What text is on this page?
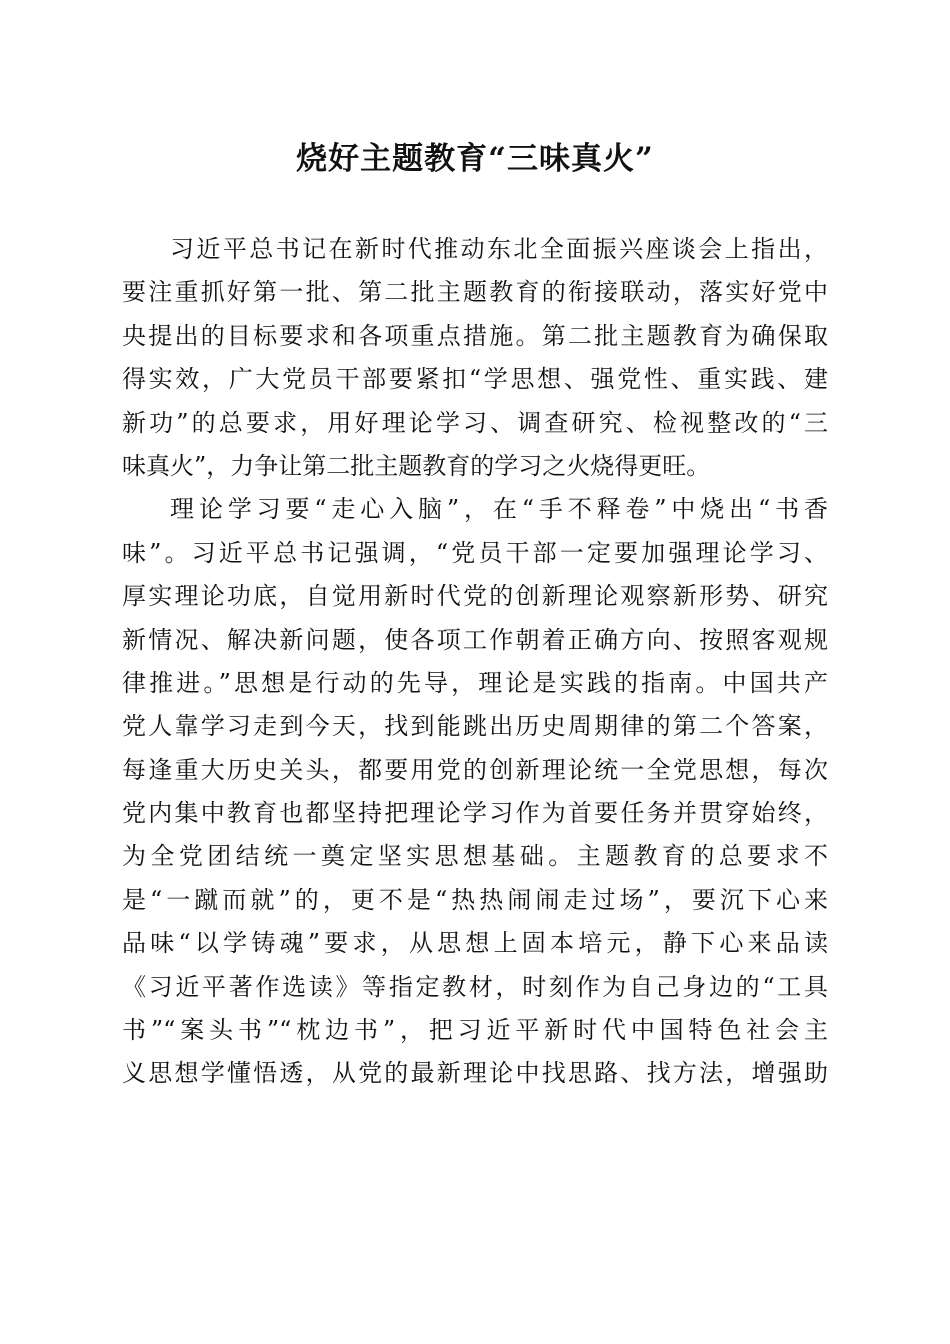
烧好主题教育“三味真火”
习近平总书记在新时代推动东北全面振兴座谈会上指出，
要注重抓好第一批、第二批主题教育的衔接联动，落实好党中
央提出的目标要求和各项重点措施。第二批主题教育为确保取
得实效，广大党员干部要紧扣“学思想、强党性、重实践、建
新功”的总要求，用好理论学习、调查研究、检视整改的“三
味真火”，力争让第二批主题教育的学习之火烧得更旺。
理论学习要“走心入脑”，在“手不释卷”中烧出“书香
味”。习近平总书记强调，“党员干部一定要加强理论学习、
厚实理论功底，自觉用新时代党的创新理论观察新形势、研究
新情况、解决新问题，使各项工作朝着正确方向、按照客观规
律推进。”思想是行动的先导，理论是实践的指南。中国共产
党人靠学习走到今天，找到能跳出历史周期律的第二个答案，
每逢重大历史关头，都要用党的创新理论统一全党思想，每次
党内集中教育也都坚持把理论学习作为首要任务并贯穿始终，
为全党团结统一奠定坚实思想基础。主题教育的总要求不
是“一蹴而就”的，更不是“热热闹闹走过场”，要沉下心来
品味“以学铸魂”要求，从思想上固本培元，静下心来品读
《习近平著作选读》等指定教材，时刻作为自己身边的“工具
书”“案头书”“枕边书”，把习近平新时代中国特色社会主
义思想学懂悟透，从党的最新理论中找思路、找方法，增强助
